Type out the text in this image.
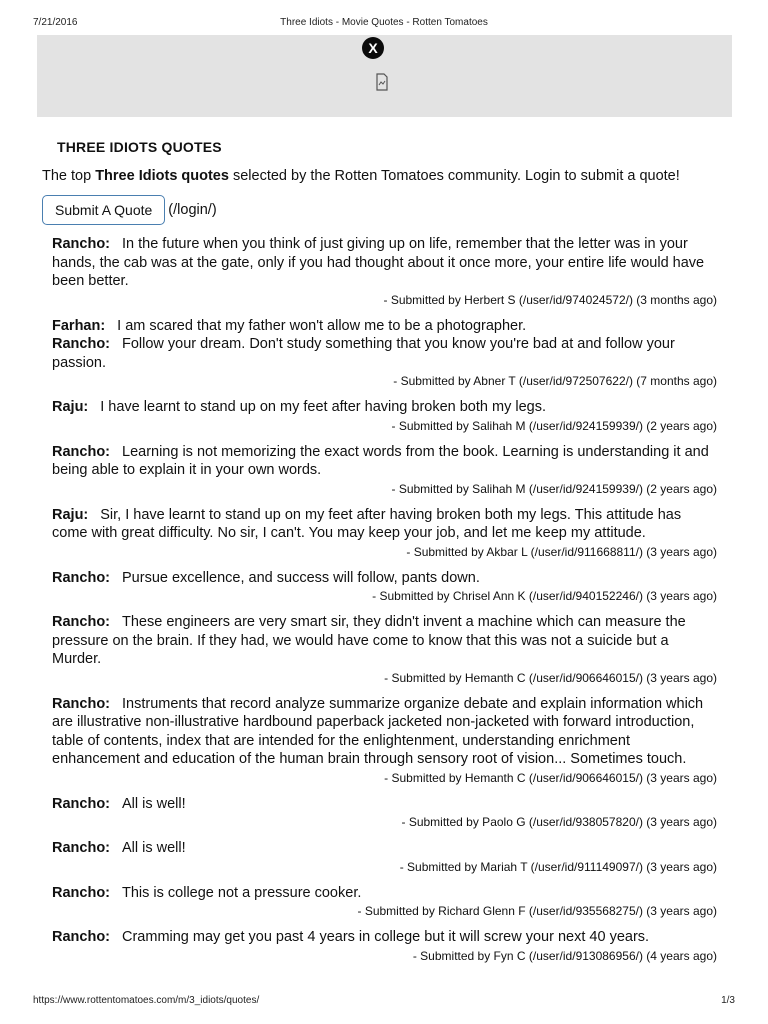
7/21/2016	Three Idiots - Movie Quotes - Rotten Tomatoes
X
THREE IDIOTS QUOTES
The top Three Idiots quotes selected by the Rotten Tomatoes community. Login to submit a quote!
Submit A Quote	(/login/)
Rancho: In the future when you think of just giving up on life, remember that the letter was in your hands, the cab was at the gate, only if you had thought about it once more, your entire life would have been better.
- Submitted by Herbert S (/user/id/974024572/) (3 months ago)
Farhan: I am scared that my father won't allow me to be a photographer.
Rancho: Follow your dream. Don't study something that you know you're bad at and follow your passion.
- Submitted by Abner T (/user/id/972507622/) (7 months ago)
Raju: I have learnt to stand up on my feet after having broken both my legs.
- Submitted by Salihah M (/user/id/924159939/) (2 years ago)
Rancho: Learning is not memorizing the exact words from the book. Learning is understanding it and being able to explain it in your own words.
- Submitted by Salihah M (/user/id/924159939/) (2 years ago)
Raju: Sir, I have learnt to stand up on my feet after having broken both my legs. This attitude has come with great difficulty. No sir, I can't. You may keep your job, and let me keep my attitude.
- Submitted by Akbar L (/user/id/911668811/) (3 years ago)
Rancho: Pursue excellence, and success will follow, pants down.
- Submitted by Chrisel Ann K (/user/id/940152246/) (3 years ago)
Rancho: These engineers are very smart sir, they didn't invent a machine which can measure the pressure on the brain. If they had, we would have come to know that this was not a suicide but a Murder.
- Submitted by Hemanth C (/user/id/906646015/) (3 years ago)
Rancho: Instruments that record analyze summarize organize debate and explain information which are illustrative non-illustrative hardbound paperback jacketed non-jacketed with forward introduction, table of contents, index that are intended for the enlightenment, understanding enrichment enhancement and education of the human brain through sensory root of vision... Sometimes touch.
- Submitted by Hemanth C (/user/id/906646015/) (3 years ago)
Rancho: All is well!
- Submitted by Paolo G (/user/id/938057820/) (3 years ago)
Rancho: All is well!
- Submitted by Mariah T (/user/id/911149097/) (3 years ago)
Rancho: This is college not a pressure cooker.
- Submitted by Richard Glenn F (/user/id/935568275/) (3 years ago)
Rancho: Cramming may get you past 4 years in college but it will screw your next 40 years.
- Submitted by Fyn C (/user/id/913086956/) (4 years ago)
https://www.rottentomatoes.com/m/3_idiots/quotes/	1/3
